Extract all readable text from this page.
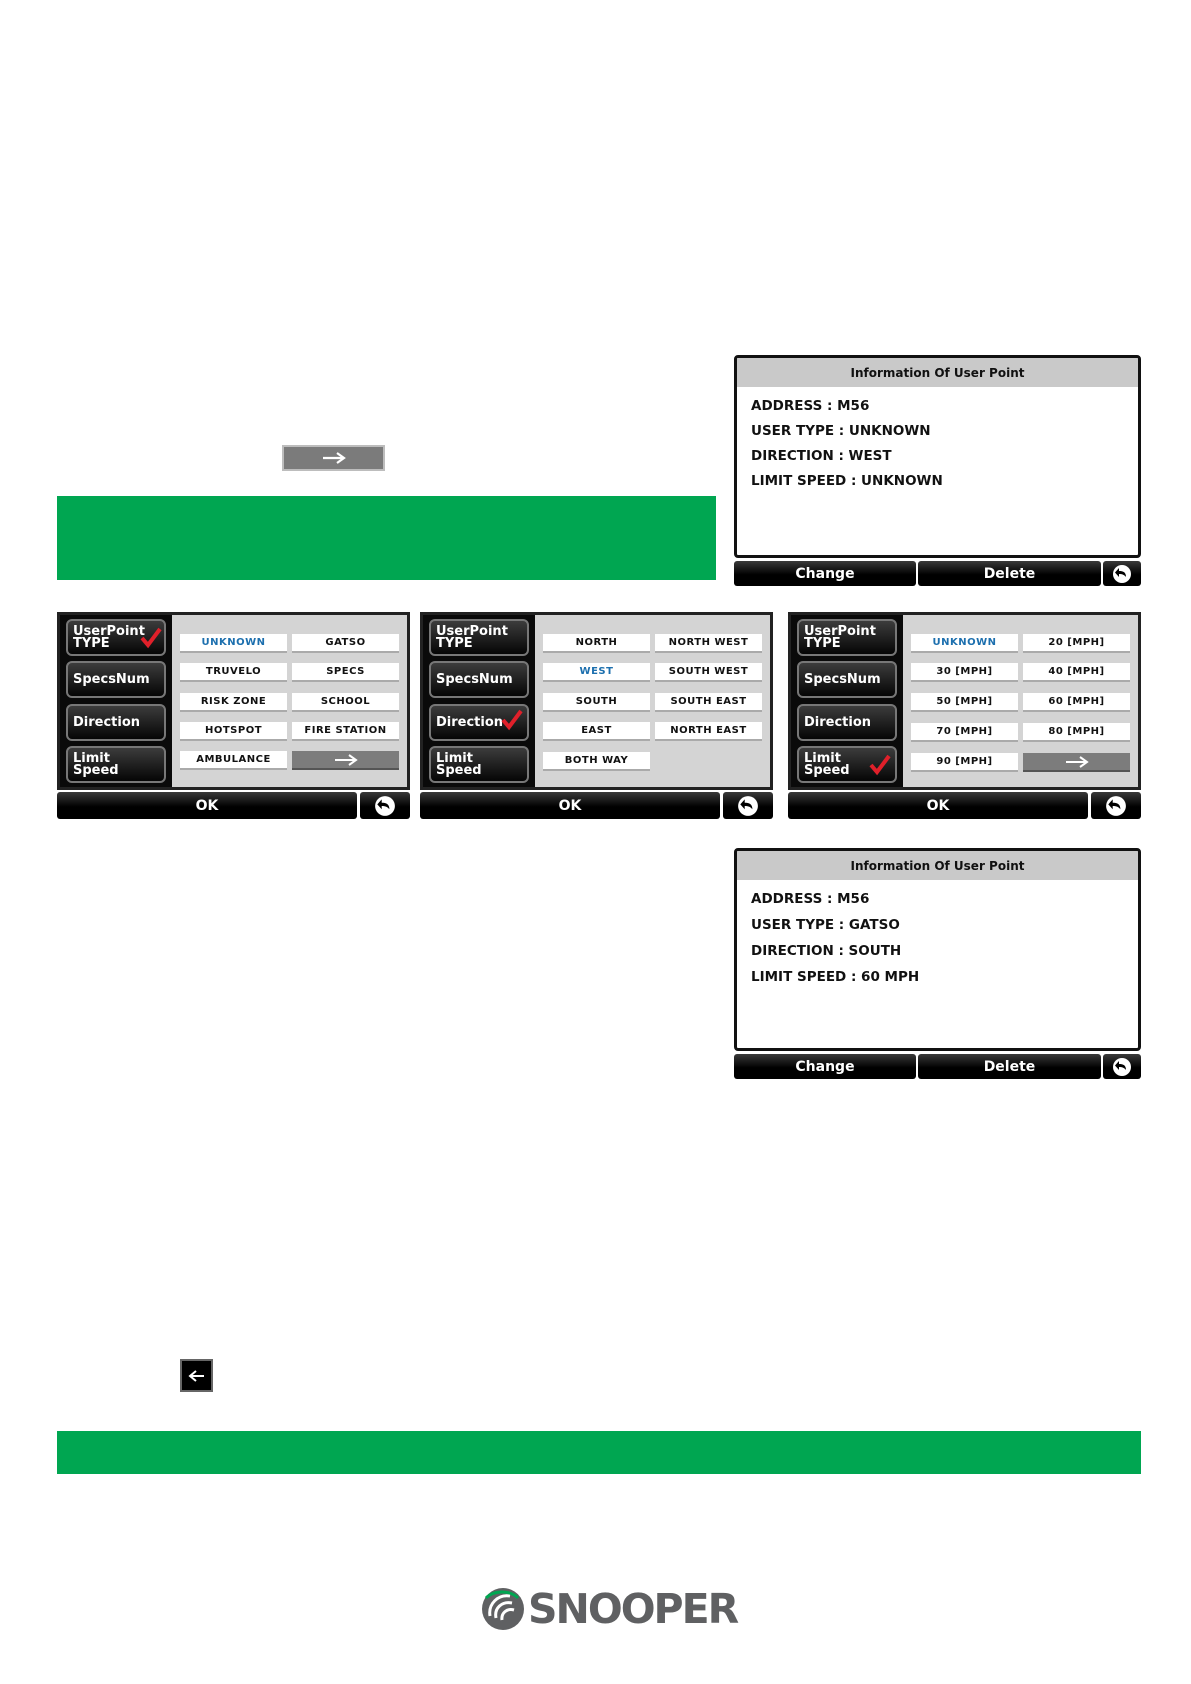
Information Of User Point
ADDRESS : M56
USER TYPE : UNKNOWN
DIRECTION : WEST
LIMIT SPEED : UNKNOWN
Change	Delete
UserPoint
TYPE
SpecsNum
Direction
Limit
Speed
UNKNOWN	GATSO
TRUVELO	SPECS
RISK ZONE	SCHOOL
HOTSPOT	FIRE STATION
AMBULANCE
OK
UserPoint
TYPE
SpecsNum
Direction
Limit
Speed
NORTH	NORTH WEST
WEST	SOUTH WEST
SOUTH	SOUTH EAST
EAST	NORTH EAST
BOTH WAY
OK
UserPoint
TYPE
SpecsNum
Direction
Limit
Speed
UNKNOWN	20 [MPH]
30 [MPH]	40 [MPH]
50 [MPH]	60 [MPH]
70 [MPH]	80 [MPH]
90 [MPH]
OK
Information Of User Point
ADDRESS : M56
USER TYPE : GATSO
DIRECTION : SOUTH
LIMIT SPEED : 60 MPH
Change	Delete
SNOOPER
